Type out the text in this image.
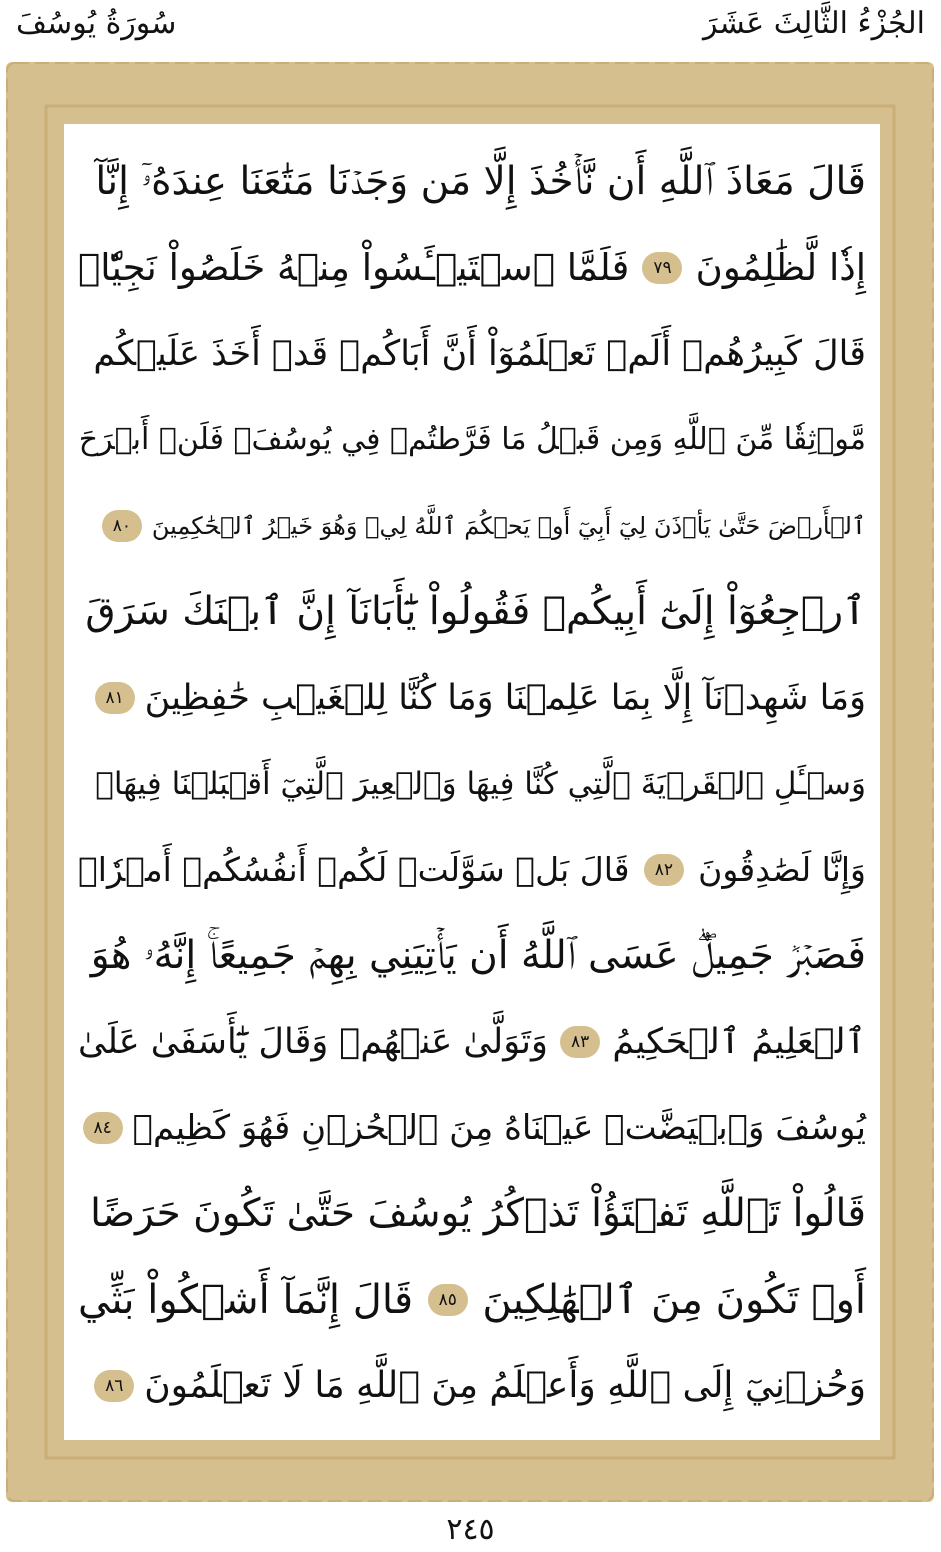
سُورَةُ يُوسُفَ	الجُزْءُ الثَّالِثَ عَشَرَ
قَالَ مَعَاذَ ٱللَّهِ أَن نَّأۡخُذَ إِلَّا مَن وَجَدۡنَا مَتَٰعَنَا عِندَهُۥٓ إِنَّآ
إِذٗا لَّظَٰلِمُونَ
٧٩
فَلَمَّا ٱسۡتَيۡـَٔسُواْ مِنۡهُ خَلَصُواْ نَجِيّٗاۖ
قَالَ كَبِيرُهُمۡ أَلَمۡ تَعۡلَمُوٓاْ أَنَّ أَبَاكُمۡ قَدۡ أَخَذَ عَلَيۡكُم
مَّوۡثِقٗا مِّنَ ٱللَّهِ وَمِن قَبۡلُ مَا فَرَّطتُمۡ فِي يُوسُفَۖ فَلَنۡ أَبۡرَحَ
ٱلۡأَرۡضَ حَتَّىٰ يَأۡذَنَ لِيٓ أَبِيٓ أَوۡ يَحۡكُمَ ٱللَّهُ لِيۖ وَهُوَ خَيۡرُ ٱلۡحَٰكِمِينَ
٨٠
ٱرۡجِعُوٓاْ إِلَىٰٓ أَبِيكُمۡ فَقُولُواْ يَٰٓأَبَانَآ إِنَّ ٱبۡنَكَ سَرَقَ
وَمَا شَهِدۡنَآ إِلَّا بِمَا عَلِمۡنَا وَمَا كُنَّا لِلۡغَيۡبِ حَٰفِظِينَ
٨١
وَسۡـَٔلِ ٱلۡقَرۡيَةَ ٱلَّتِي كُنَّا فِيهَا وَٱلۡعِيرَ ٱلَّتِيٓ أَقۡبَلۡنَا فِيهَاۖ
وَإِنَّا لَصَٰدِقُونَ
٨٢
قَالَ بَلۡ سَوَّلَتۡ لَكُمۡ أَنفُسُكُمۡ أَمۡرٗاۖ
فَصَبۡرٞ جَمِيلٌۖ عَسَى ٱللَّهُ أَن يَأۡتِيَنِي بِهِمۡ جَمِيعًاۚ إِنَّهُۥ هُوَ
ٱلۡعَلِيمُ ٱلۡحَكِيمُ
٨٣
وَتَوَلَّىٰ عَنۡهُمۡ وَقَالَ يَٰٓأَسَفَىٰ عَلَىٰ
يُوسُفَ وَٱبۡيَضَّتۡ عَيۡنَاهُ مِنَ ٱلۡحُزۡنِ فَهُوَ كَظِيمٞ
٨٤
قَالُواْ تَٱللَّهِ تَفۡتَؤُاْ تَذۡكُرُ يُوسُفَ حَتَّىٰ تَكُونَ حَرَضًا
أَوۡ تَكُونَ مِنَ ٱلۡهَٰلِكِينَ
٨٥
قَالَ إِنَّمَآ أَشۡكُواْ بَثِّي
وَحُزۡنِيٓ إِلَى ٱللَّهِ وَأَعۡلَمُ مِنَ ٱللَّهِ مَا لَا تَعۡلَمُونَ
٨٦
٢٤٥
